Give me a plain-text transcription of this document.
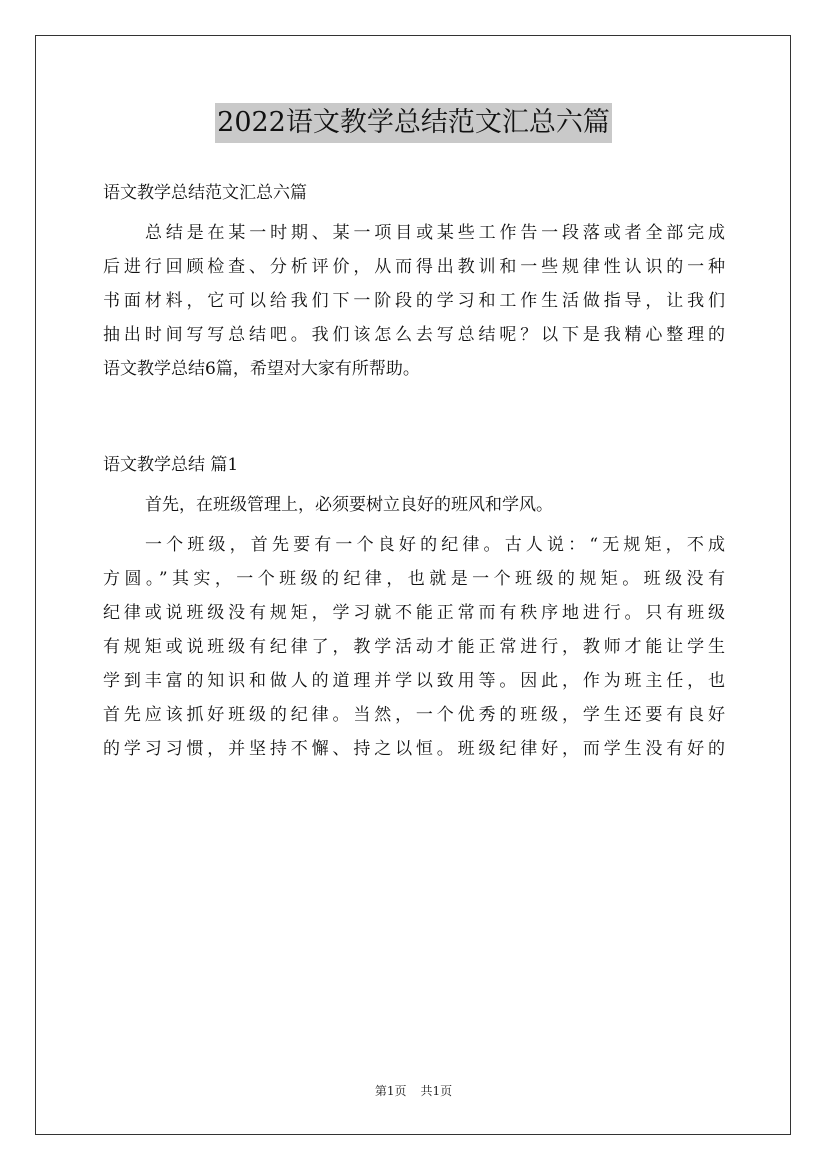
2022语文教学总结范文汇总六篇
语文教学总结范文汇总六篇
总结是在某一时期、某一项目或某些工作告一段落或者全部完成
后进行回顾检查、分析评价，从而得出教训和一些规律性认识的一种
书面材料，它可以给我们下一阶段的学习和工作生活做指导，让我们
抽出时间写写总结吧。我们该怎么去写总结呢？以下是我精心整理的
语文教学总结6篇，希望对大家有所帮助。
语文教学总结 篇1
首先，在班级管理上，必须要树立良好的班风和学风。
一个班级，首先要有一个良好的纪律。古人说：“无规矩，不成
方圆。”其实，一个班级的纪律，也就是一个班级的规矩。班级没有
纪律或说班级没有规矩，学习就不能正常而有秩序地进行。只有班级
有规矩或说班级有纪律了，教学活动才能正常进行，教师才能让学生
学到丰富的知识和做人的道理并学以致用等。因此，作为班主任，也
首先应该抓好班级的纪律。当然，一个优秀的班级，学生还要有良好
的学习习惯，并坚持不懈、持之以恒。班级纪律好，而学生没有好的
第1页 共1页
